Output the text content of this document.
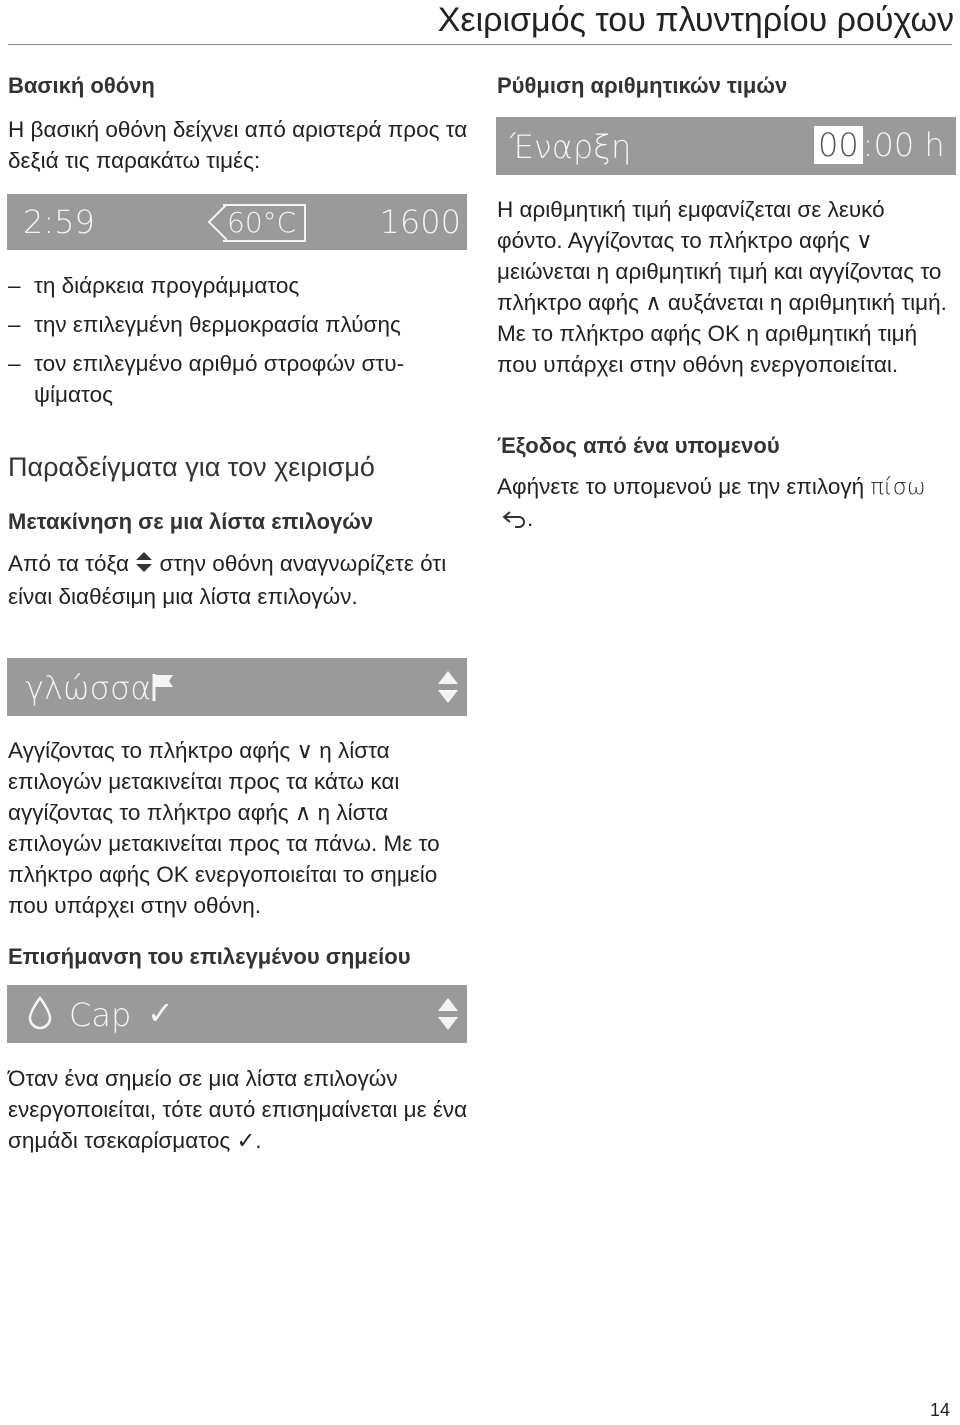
Χειρισμός του πλυντηρίου ρούχων
Βασική οθόνη
Η βασική οθόνη δείχνει από αριστερά προς τα δεξιά τις παρακάτω τιμές:
2:59	60°C	1600
– τη διάρκεια προγράμματος
– την επιλεγμένη θερμοκρασία πλύσης
– τον επιλεγμένο αριθμό στροφών στυψίματος
Παραδείγματα για τον χειρισμό
Μετακίνηση σε μια λίστα επιλογών
Από τα τόξα  στην οθόνη αναγνωρίζετε ότι είναι διαθέσιμη μια λίστα επιλογών.
γλώσσα
Αγγίζοντας το πλήκτρο αφής ∨ η λίστα επιλογών μετακινείται προς τα κάτω και αγγίζοντας το πλήκτρο αφής ∧ η λίστα επιλογών μετακινείται προς τα πάνω. Με το πλήκτρο αφής OK ενεργοποιείται το σημείο που υπάρχει στην οθόνη.
Επισήμανση του επιλεγμένου σημείου
Cap ✓
Όταν ένα σημείο σε μια λίστα επιλογών ενεργοποιείται, τότε αυτό επισημαίνεται με ένα σημάδι τσεκαρίσματος ✓.
Ρύθμιση αριθμητικών τιμών
Έναρξη	00 :00 h
Η αριθμητική τιμή εμφανίζεται σε λευκό φόντο. Αγγίζοντας το πλήκτρο αφής ∨ μειώνεται η αριθμητική τιμή και αγγίζοντας το πλήκτρο αφής ∧ αυξάνεται η αριθμητική τιμή. Με το πλήκτρο αφής OK η αριθμητική τιμή που υπάρχει στην οθόνη ενεργοποιείται.
Έξοδος από ένα υπομενού
Αφήνετε το υπομενού με την επιλογή πίσω .
14
